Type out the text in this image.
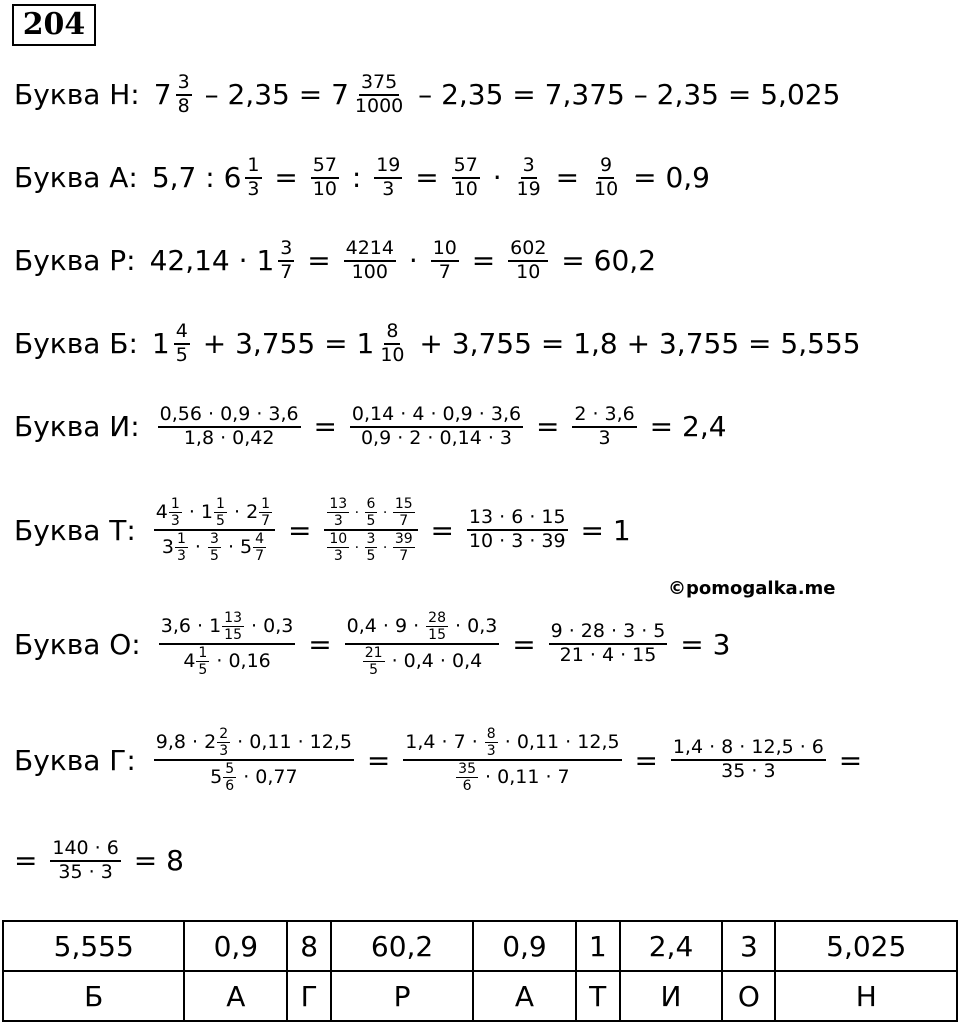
204
Буква Н: 7 3
8 – 2,35 = 7 375
1000 – 2,35 = 7,375 – 2,35 = 5,025
Буква А: 5,7 : $6 \frac{1}{3} = \frac{57}{10}$ : $\frac{19}{3} = \frac{57}{10} \cdot \frac{3}{19} = \frac{9}{10} = 0,9$
Буква Р: $42,14 \cdot 1 \frac{3}{7} = \frac{4214}{100} \cdot \frac{10}{7} = \frac{602}{10} = 60,2$
Буква Б: 1 4
5 + 3,755 = 1 8
10 + 3,755 = 1,8 + 3,755 = 5,555
Буква И: $\frac{0,56 \cdot 0,9 \cdot 3,6}{1,8 \cdot 0,42} = \frac{0,14 \cdot 4 \cdot 0,9 \cdot 3,6}{0,9 \cdot 2 \cdot 0,14 \cdot 3} = \frac{2 \cdot 3,6}{3} = 2,4$
Буква Т: $\frac{4 \frac{1}{3} \cdot 1 \frac{1}{5} \cdot 2 \frac{1}{7}}{3 \frac{1}{3} \cdot \frac{3}{5} \cdot 5 \frac{4}{7}} = 13$
3
·
6
5
·
15
7
10
3
·
3
5
·
39
$7 = \frac{13 \cdot 6 \cdot 15}{10 \cdot 3 \cdot 39} = 1$
©pomogalka.me
Буква О: $\frac{3,6 \cdot 1 \frac{13}{15} \cdot 0,3}{4 \frac{1}{5} \cdot 0,16} = \frac{0,4 \cdot 9 \cdot \frac{28}{15} \cdot 0,3}{\frac{21}{5} \cdot 0,4 \cdot 0,4} = \frac{9 \cdot 28 \cdot 3 \cdot 5}{21 \cdot 4 \cdot 15} = 3$
Буква Г: $\frac{9,8 \cdot 2 \frac{2}{3} \cdot 0,11 \cdot 12,5}{5 \frac{5}{6} \cdot 0,77} = \frac{1,4 \cdot 7 \cdot \frac{8}{3} \cdot 0,11 \cdot 12,5}{\frac{35}{6} \cdot 0,11 \cdot 7} = \frac{1,4 \cdot 8 \cdot 12,5 \cdot 6}{35 \cdot 3}$ =
= $\frac{140 \cdot 6}{35 \cdot 3} = 8$
5,555	0,9	8	60,2	0,9	1	2,4	3	5,025
Б	А	Г	Р	А	Т	И	О	Н
